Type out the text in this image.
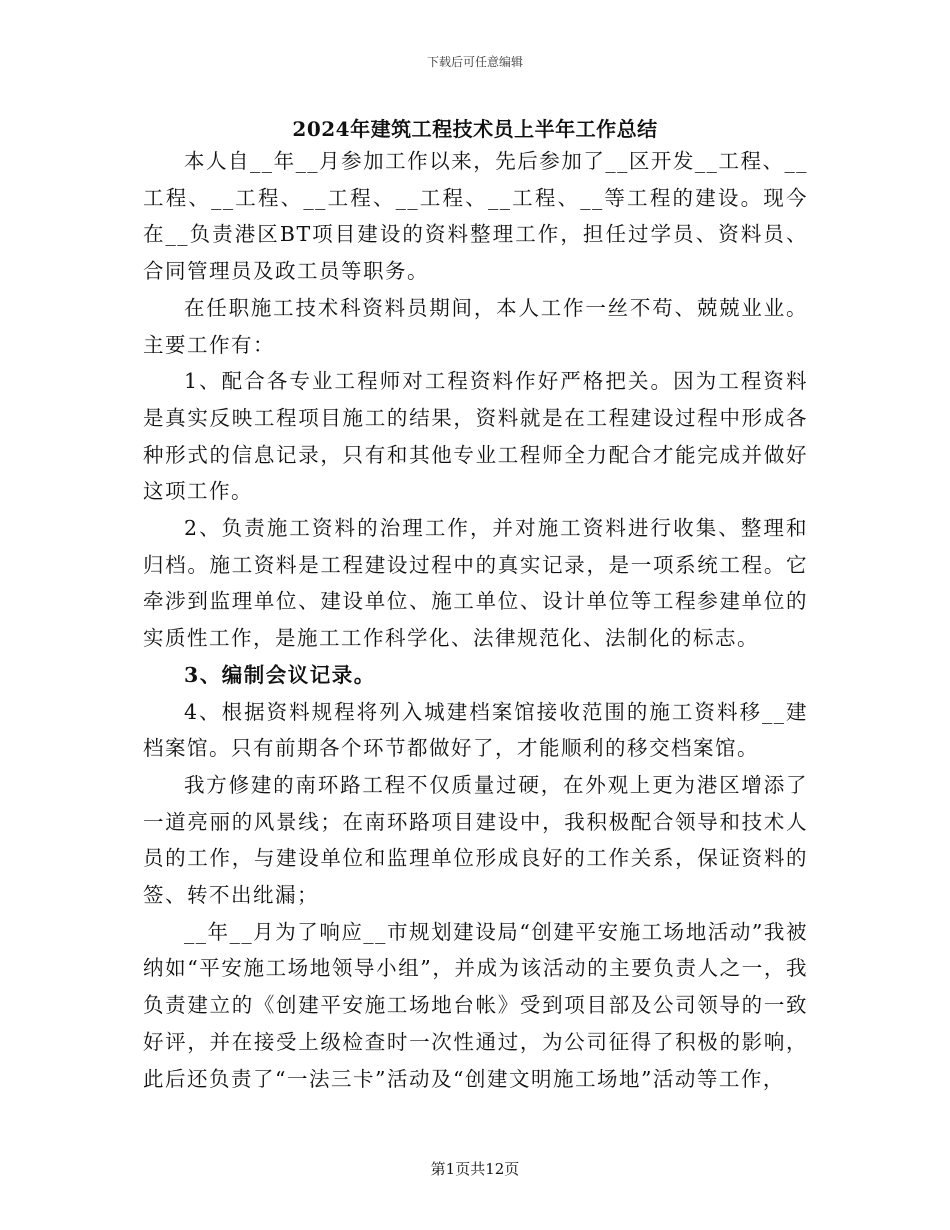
下载后可任意编辑
2024年建筑工程技术员上半年工作总结

本人自__年__月参加工作以来，先后参加了__区开发__工程、__工程、__工程、__工程、__工程、__工程、__等工程的建设。现今在__负责港区BT项目建设的资料整理工作，担任过学员、资料员、合同管理员及政工员等职务。

在任职施工技术科资料员期间，本人工作一丝不苟、兢兢业业。主要工作有：

1、配合各专业工程师对工程资料作好严格把关。因为工程资料是真实反映工程项目施工的结果，资料就是在工程建设过程中形成各种形式的信息记录，只有和其他专业工程师全力配合才能完成并做好这项工作。

2、负责施工资料的治理工作，并对施工资料进行收集、整理和归档。施工资料是工程建设过程中的真实记录，是一项系统工程。它牵涉到监理单位、建设单位、施工单位、设计单位等工程参建单位的实质性工作，是施工工作科学化、法律规范化、法制化的标志。

3、编制会议记录。

4、根据资料规程将列入城建档案馆接收范围的施工资料移__建档案馆。只有前期各个环节都做好了，才能顺利的移交档案馆。

我方修建的南环路工程不仅质量过硬，在外观上更为港区增添了一道亮丽的风景线；在南环路项目建设中，我积极配合领导和技术人员的工作，与建设单位和监理单位形成良好的工作关系，保证资料的签、转不出纰漏；

__年__月为了响应__市规划建设局“创建平安施工场地活动”我被纳如“平安施工场地领导小组”，并成为该活动的主要负责人之一，我负责建立的《创建平安施工场地台帐》受到项目部及公司领导的一致好评，并在接受上级检查时一次性通过，为公司征得了积极的影响，此后还负责了“一法三卡”活动及“创建文明施工场地”活动等工作，

第1页共12页
